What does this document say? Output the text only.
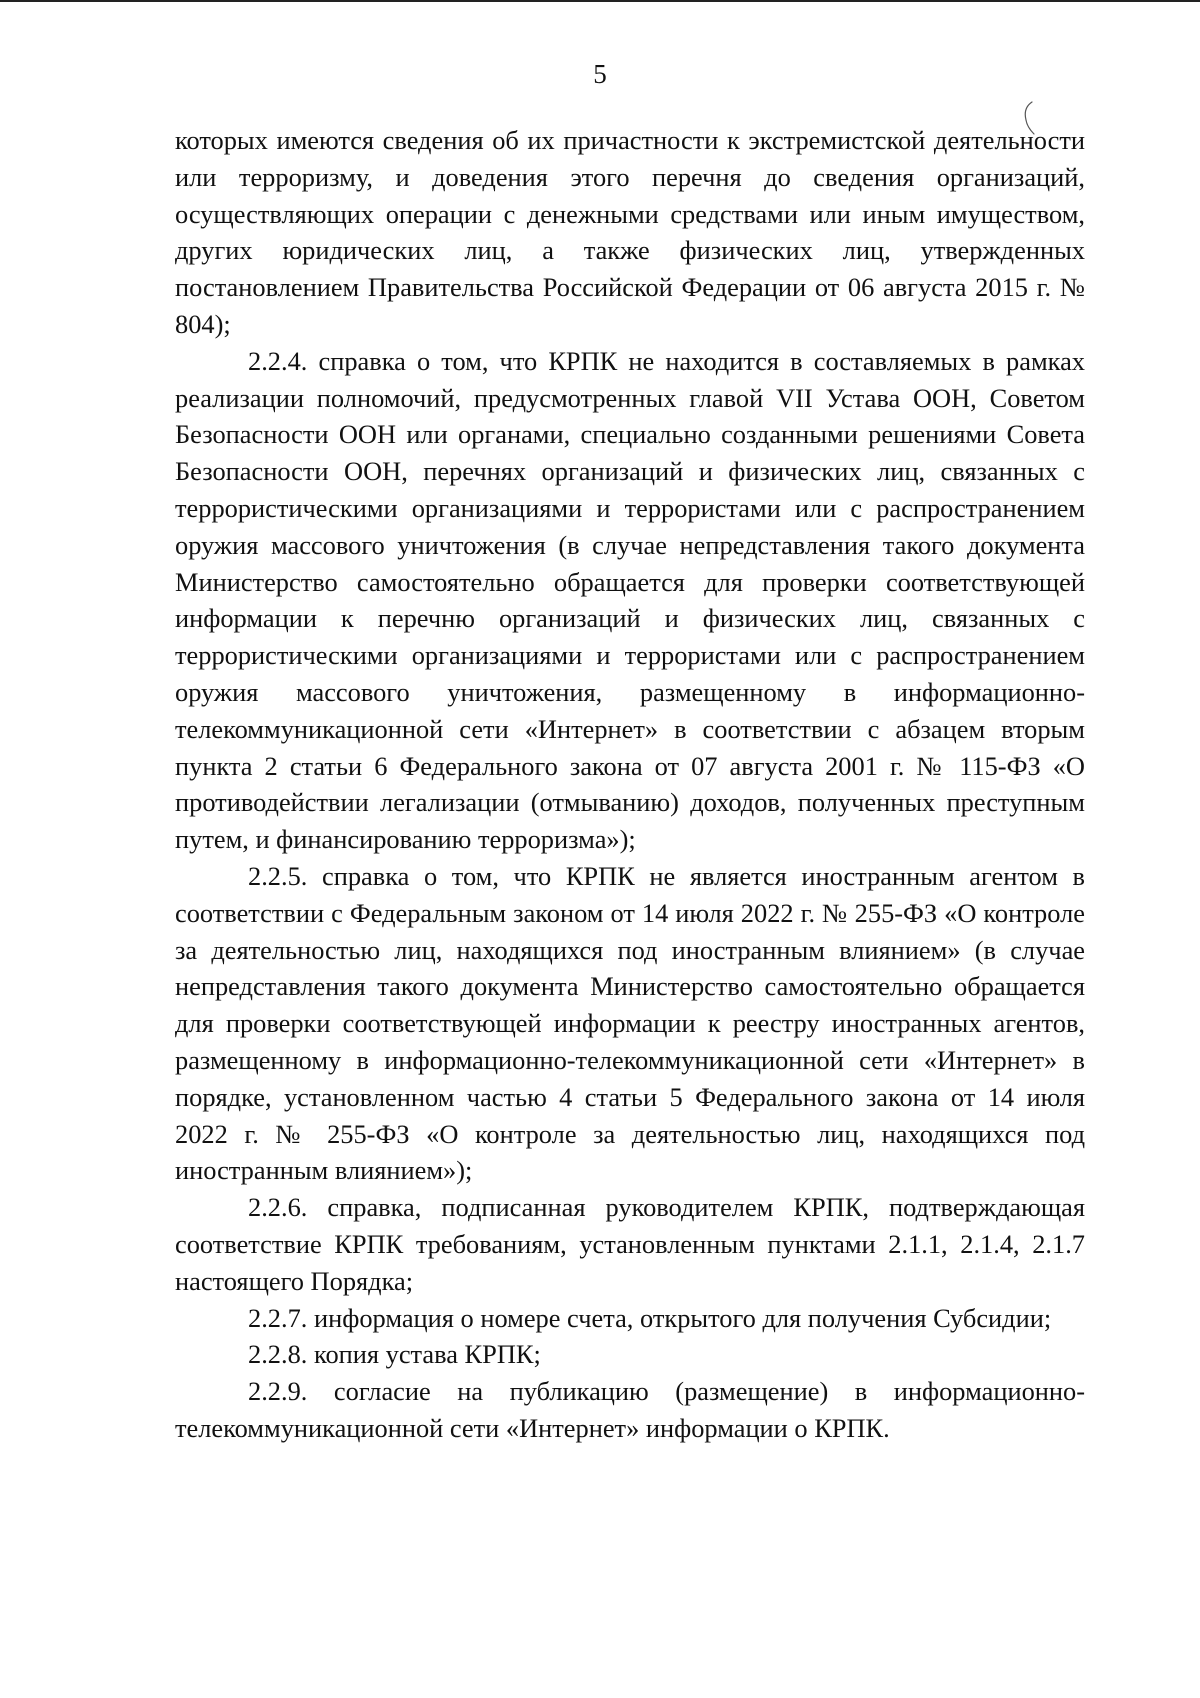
5

которых имеются сведения об их причастности к экстремистской деятельности или терроризму, и доведения этого перечня до сведения организаций, осуществляющих операции с денежными средствами или иным имуществом, других юридических лиц, а также физических лиц, утвержденных постановлением Правительства Российской Федерации от 06 августа 2015 г. № 804);

2.2.4. справка о том, что КРПК не находится в составляемых в рамках реализации полномочий, предусмотренных главой VII Устава ООН, Советом Безопасности ООН или органами, специально созданными решениями Совета Безопасности ООН, перечнях организаций и физических лиц, связанных с террористическими организациями и террористами или с распространением оружия массового уничтожения (в случае непредставления такого документа Министерство самостоятельно обращается для проверки соответствующей информации к перечню организаций и физических лиц, связанных с террористическими организациями и террористами или с распространением оружия массового уничтожения, размещенному в информационно-телекоммуникационной сети «Интернет» в соответствии с абзацем вторым пункта 2 статьи 6 Федерального закона от 07 августа 2001 г. № 115-ФЗ «О противодействии легализации (отмыванию) доходов, полученных преступным путем, и финансированию терроризма»);

2.2.5. справка о том, что КРПК не является иностранным агентом в соответствии с Федеральным законом от 14 июля 2022 г. № 255-ФЗ «О контроле за деятельностью лиц, находящихся под иностранным влиянием» (в случае непредставления такого документа Министерство самостоятельно обращается для проверки соответствующей информации к реестру иностранных агентов, размещенному в информационно-телекоммуникационной сети «Интернет» в порядке, установленном частью 4 статьи 5 Федерального закона от 14 июля 2022 г. № 255-ФЗ «О контроле за деятельностью лиц, находящихся под иностранным влиянием»);

2.2.6. справка, подписанная руководителем КРПК, подтверждающая соответствие КРПК требованиям, установленным пунктами 2.1.1, 2.1.4, 2.1.7 настоящего Порядка;

2.2.7. информация о номере счета, открытого для получения Субсидии;

2.2.8. копия устава КРПК;

2.2.9. согласие на публикацию (размещение) в информационно-телекоммуникационной сети «Интернет» информации о КРПК.
